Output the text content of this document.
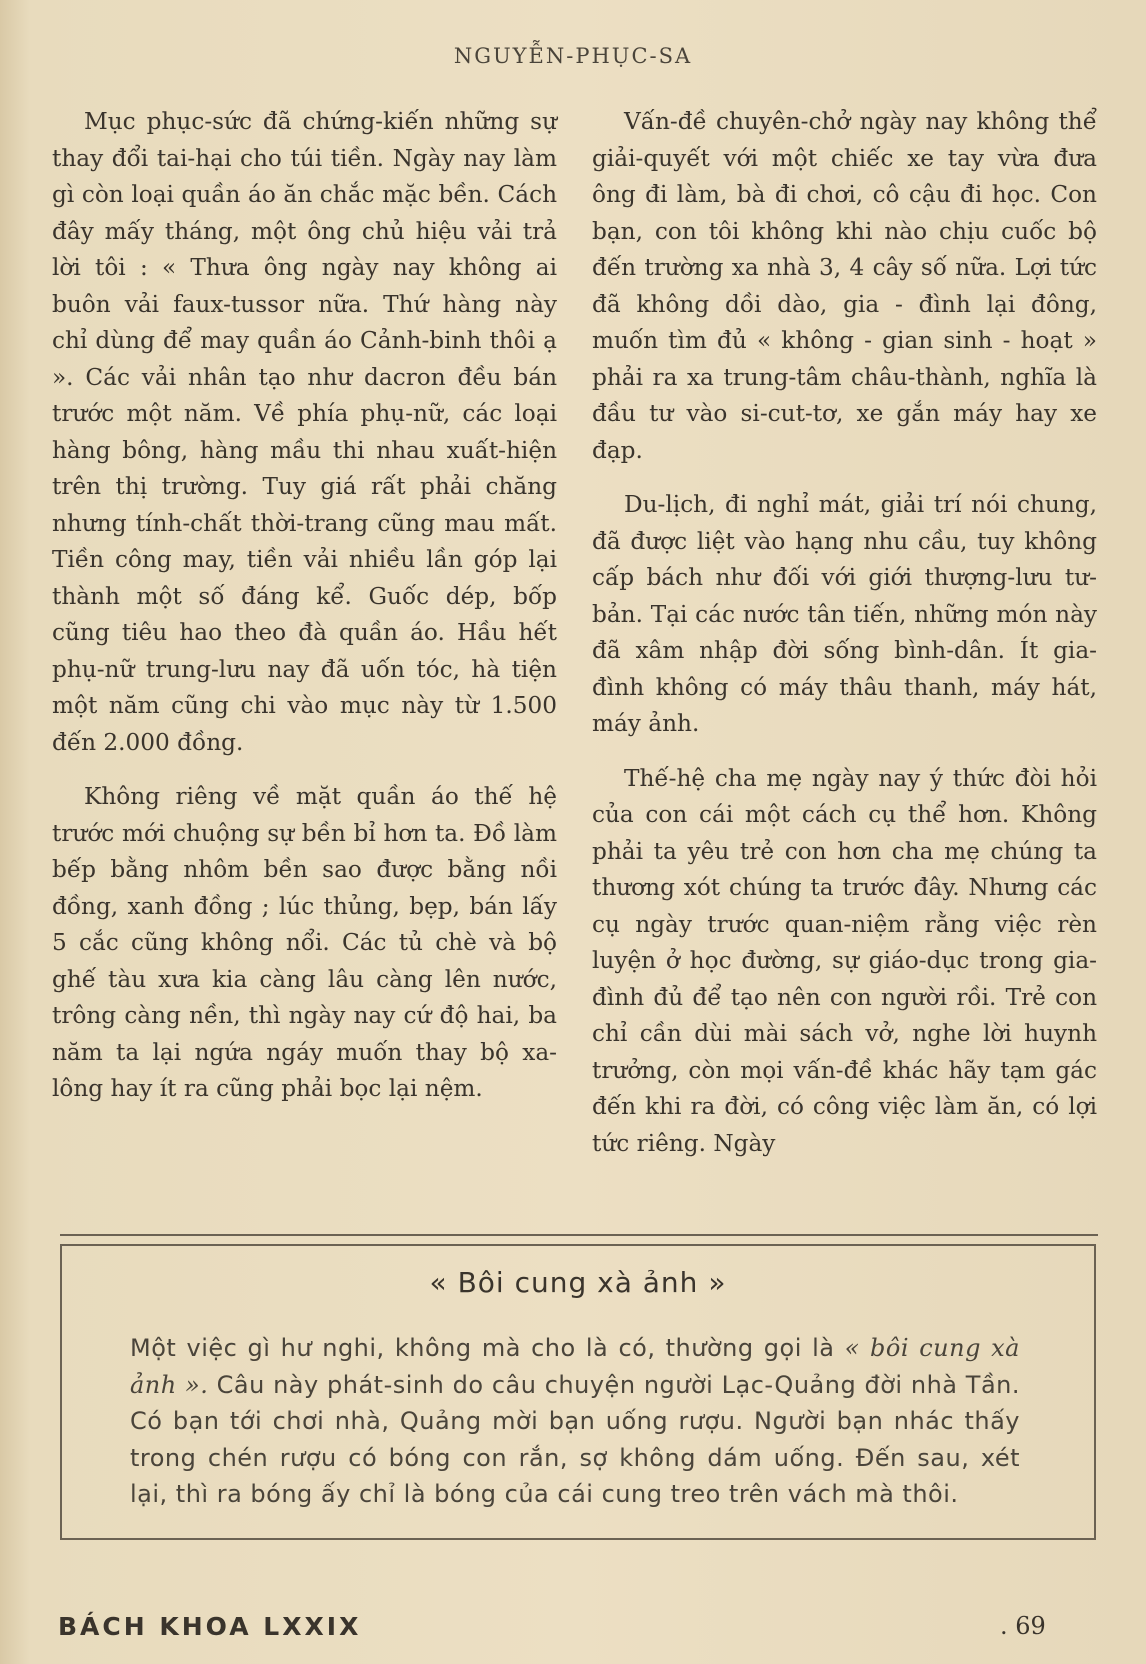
NGUYỄN-PHỤC-SA

Mục phục-sức đã chứng-kiến những sự thay đổi tai-hại cho túi tiền. Ngày nay làm gì còn loại quần áo ăn chắc mặc bền. Cách đây mấy tháng, một ông chủ hiệu vải trả lời tôi : « Thưa ông ngày nay không ai buôn vải faux-tussor nữa. Thứ hàng này chỉ dùng để may quần áo Cảnh-binh thôi ạ ». Các vải nhân tạo như dacron đều bán trước một năm. Về phía phụ-nữ, các loại hàng bông, hàng mầu thi nhau xuất-hiện trên thị trường. Tuy giá rất phải chăng nhưng tính-chất thời-trang cũng mau mất. Tiền công may, tiền vải nhiều lần góp lại thành một số đáng kể. Guốc dép, bốp cũng tiêu hao theo đà quần áo. Hầu hết phụ-nữ trung-lưu nay đã uốn tóc, hà tiện một năm cũng chi vào mục này từ 1.500 đến 2.000 đồng.

Không riêng về mặt quần áo thế hệ trước mới chuộng sự bền bỉ hơn ta. Đồ làm bếp bằng nhôm bền sao được bằng nồi đồng, xanh đồng ; lúc thủng, bẹp, bán lấy 5 cắc cũng không nổi. Các tủ chè và bộ ghế tàu xưa kia càng lâu càng lên nước, trông càng nền, thì ngày nay cứ độ hai, ba năm ta lại ngứa ngáy muốn thay bộ xa-lông hay ít ra cũng phải bọc lại nệm.

Vấn-đề chuyên-chở ngày nay không thể giải-quyết với một chiếc xe tay vừa đưa ông đi làm, bà đi chơi, cô cậu đi học. Con bạn, con tôi không khi nào chịu cuốc bộ đến trường xa nhà 3, 4 cây số nữa. Lợi tức đã không dồi dào, gia - đình lại đông, muốn tìm đủ « không - gian sinh - hoạt » phải ra xa trung-tâm châu-thành, nghĩa là đầu tư vào si-cut-tơ, xe gắn máy hay xe đạp.

Du-lịch, đi nghỉ mát, giải trí nói chung, đã được liệt vào hạng nhu cầu, tuy không cấp bách như đối với giới thượng-lưu tư-bản. Tại các nước tân tiến, những món này đã xâm nhập đời sống bình-dân. Ít gia-đình không có máy thâu thanh, máy hát, máy ảnh.

Thế-hệ cha mẹ ngày nay ý thức đòi hỏi của con cái một cách cụ thể hơn. Không phải ta yêu trẻ con hơn cha mẹ chúng ta thương xót chúng ta trước đây. Nhưng các cụ ngày trước quan-niệm rằng việc rèn luyện ở học đường, sự giáo-dục trong gia-đình đủ để tạo nên con người rồi. Trẻ con chỉ cần dùi mài sách vở, nghe lời huynh trưởng, còn mọi vấn-đề khác hãy tạm gác đến khi ra đời, có công việc làm ăn, có lợi tức riêng. Ngày

« Bôi cung xà ảnh »
Một việc gì hư nghi, không mà cho là có, thường gọi là « bôi cung xà ảnh ». Câu này phát-sinh do câu chuyện người Lạc-Quảng đời nhà Tần. Có bạn tới chơi nhà, Quảng mời bạn uống rượu. Người bạn nhác thấy trong chén rượu có bóng con rắn, sợ không dám uống. Đến sau, xét lại, thì ra bóng ấy chỉ là bóng của cái cung treo trên vách mà thôi.
BÁCH KHOA LXXIX	. 69
